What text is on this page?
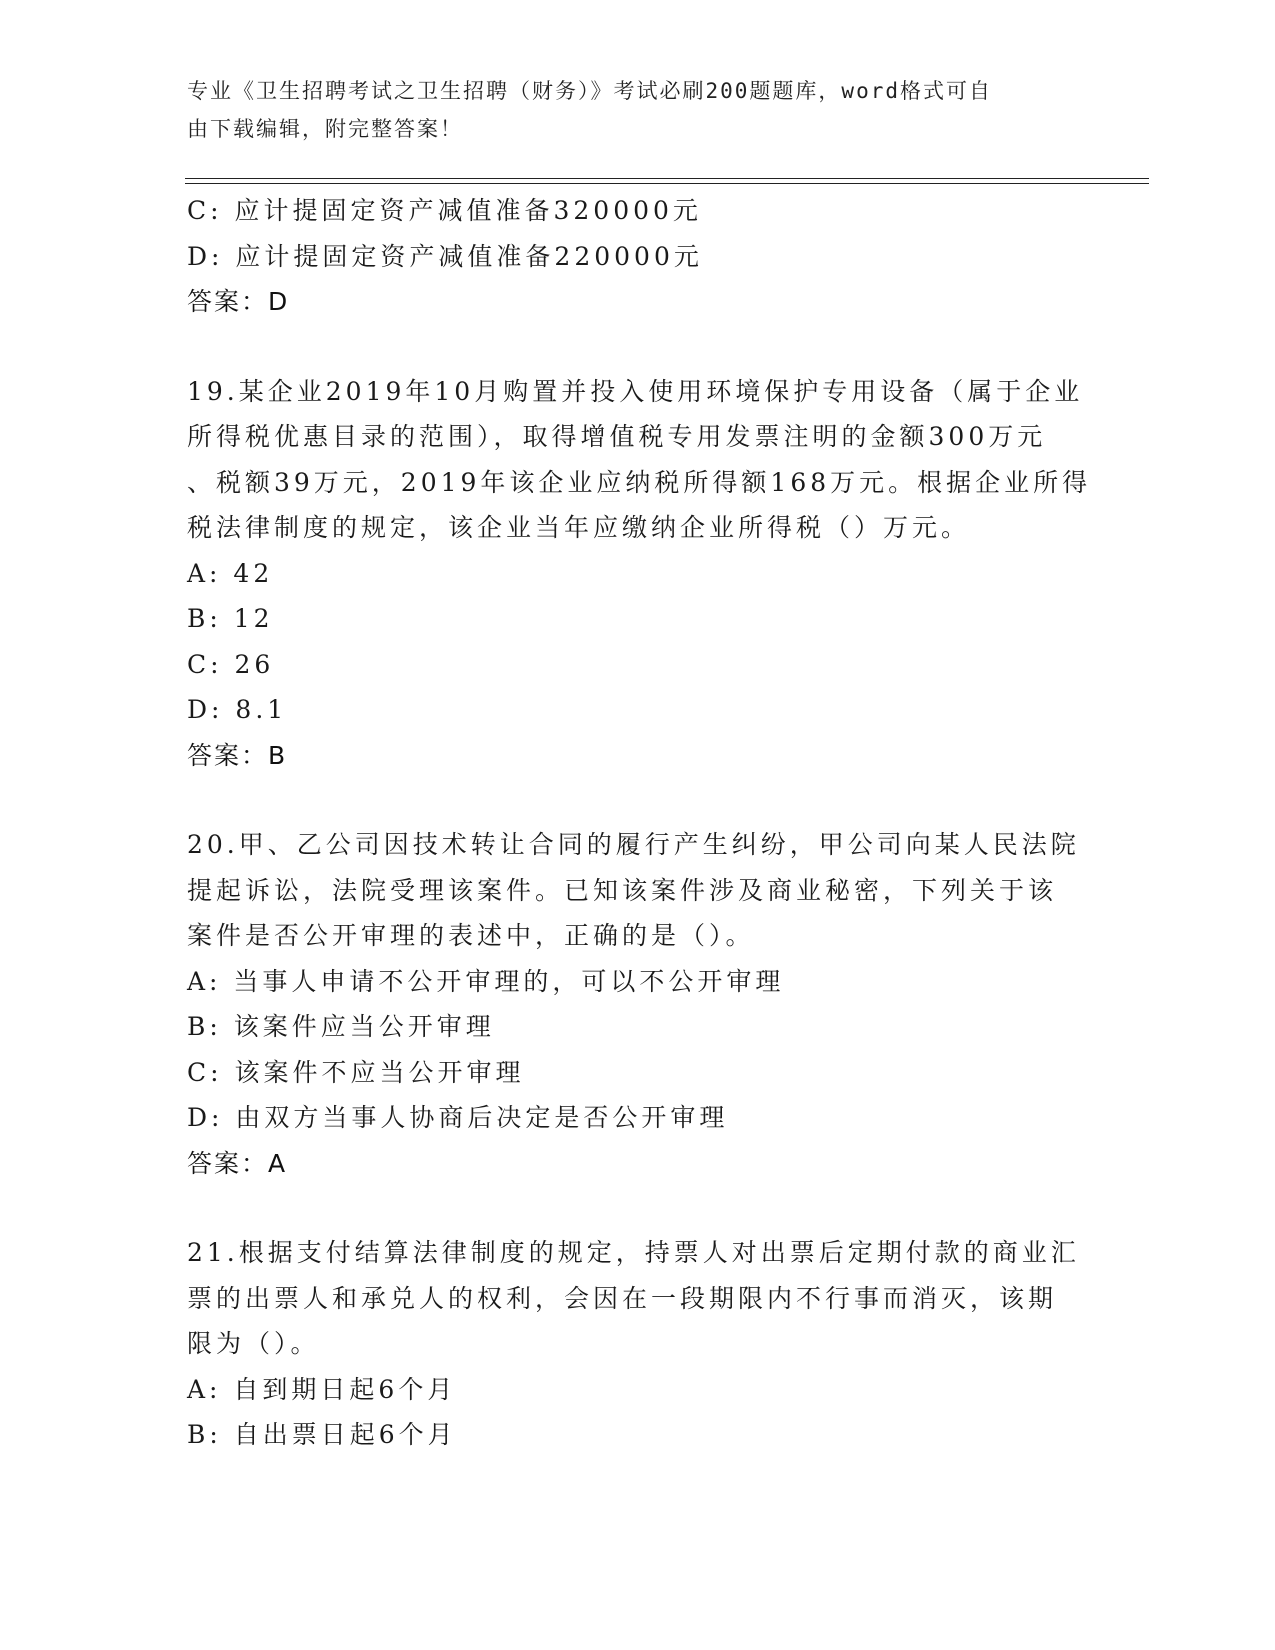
专业《卫生招聘考试之卫生招聘（财务）》考试必刷200题题库，word格式可自
由下载编辑，附完整答案！
C: 应计提固定资产减值准备320000元
D: 应计提固定资产减值准备220000元
答案：D
19.某企业2019年10月购置并投入使用环境保护专用设备（属于企业
所得税优惠目录的范围），取得增值税专用发票注明的金额300万元
、税额39万元，2019年该企业应纳税所得额168万元。根据企业所得
税法律制度的规定，该企业当年应缴纳企业所得税（）万元。
A: 42
B: 12
C: 26
D: 8.1
答案：B
20.甲、乙公司因技术转让合同的履行产生纠纷，甲公司向某人民法院
提起诉讼，法院受理该案件。已知该案件涉及商业秘密，下列关于该
案件是否公开审理的表述中，正确的是（）。
A: 当事人申请不公开审理的，可以不公开审理
B: 该案件应当公开审理
C: 该案件不应当公开审理
D: 由双方当事人协商后决定是否公开审理
答案：A
21.根据支付结算法律制度的规定，持票人对出票后定期付款的商业汇
票的出票人和承兑人的权利，会因在一段期限内不行事而消灭，该期
限为（）。
A: 自到期日起6个月
B: 自出票日起6个月
